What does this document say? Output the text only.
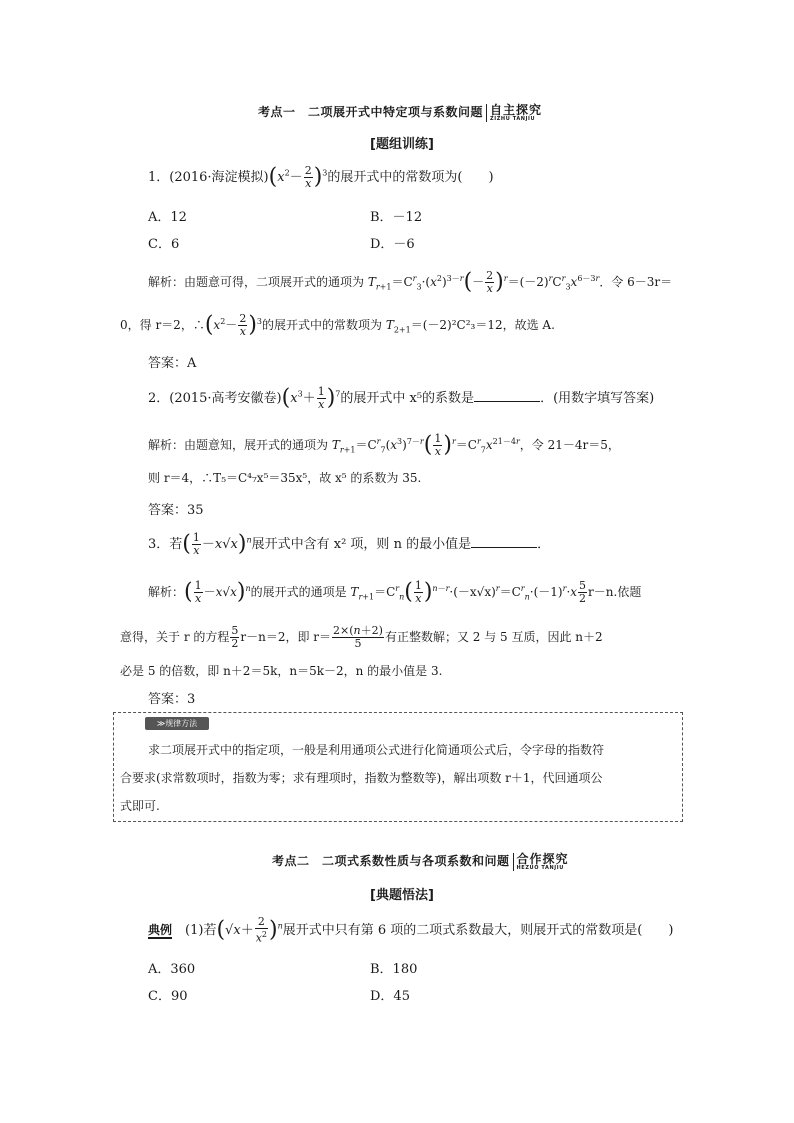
考点一　二项展开式中特定项与系数问题 自主探究
ZIZHU TANJIU
[题组训练]
1．(2016·海淀模拟)$(x^2- \frac{2}{x} )^3$的展开式中的常数项为(　　)
A．12	B．－12
C．6	D．－6
解析：由题意可得，二项展开式的通项为 $T_{r+1}=C^r_3\cdot(x^2)^{3-r}(- \frac{2}{x} )^r=(-2)^rC^r_3x^{6-3r}$．令 6－3r＝
0，得 r＝2，$\therefore(x^2- \frac{2}{x} )^3$的展开式中的常数项为 $T_{2+1}=(-2)^2C^2_3=12$，故选 A.
答案：A
2．(2015·高考安徽卷)$(x^3+ \frac{1}{x} )^7$的展开式中 x⁵的系数是	．(用数字填写答案)
解析：由题意知，展开式的通项为 $T_{r+1}=C^r_7(x^3)^{7-r}( \frac{1}{x} )^r=C^r_7x^{21-4r}$，令 21－4r＝5，
则 r＝4，∴T₅＝C⁴₇x⁵＝35x⁵，故 x⁵ 的系数为 35.
答案：35
3．若( $\frac{1}{x} -x√x)^n$展开式中含有 x² 项，则 n 的最小值是	．
解析：( $\frac{1}{x} -x√x)^n$的展开式的通项是 $T_{r+1}=C^r_n( \frac{1}{x} )^{n-r}\cdot(-x√x)^r=C^r_n\cdot(-1)^r\cdot x \frac{5}{2} r-n$.依题
意得，关于 r 的方程 $\frac{5}{2} r-n=2$，即 $r= \frac{2\times(n+2)}{5}$ 有正整数解；又 2 与 5 互质，因此 n＋2
必是 5 的倍数，即 n＋2＝5k，n＝5k－2，n 的最小值是 3.
答案：3
≫规律方法
求二项展开式中的指定项，一般是利用通项公式进行化简通项公式后，令字母的指数符
合要求(求常数项时，指数为零；求有理项时，指数为整数等)，解出项数 r＋1，代回通项公
式即可.
考点二　二项式系数性质与各项系数和问题 合作探究
HEZUO TANJIU
[典题悟法]
典例　 (1)若$(√x+ \frac{2}{x^2} )^n$展开式中只有第 6 项的二项式系数最大，则展开式的常数项是(　　)
A．360	B．180
C．90	D．45
